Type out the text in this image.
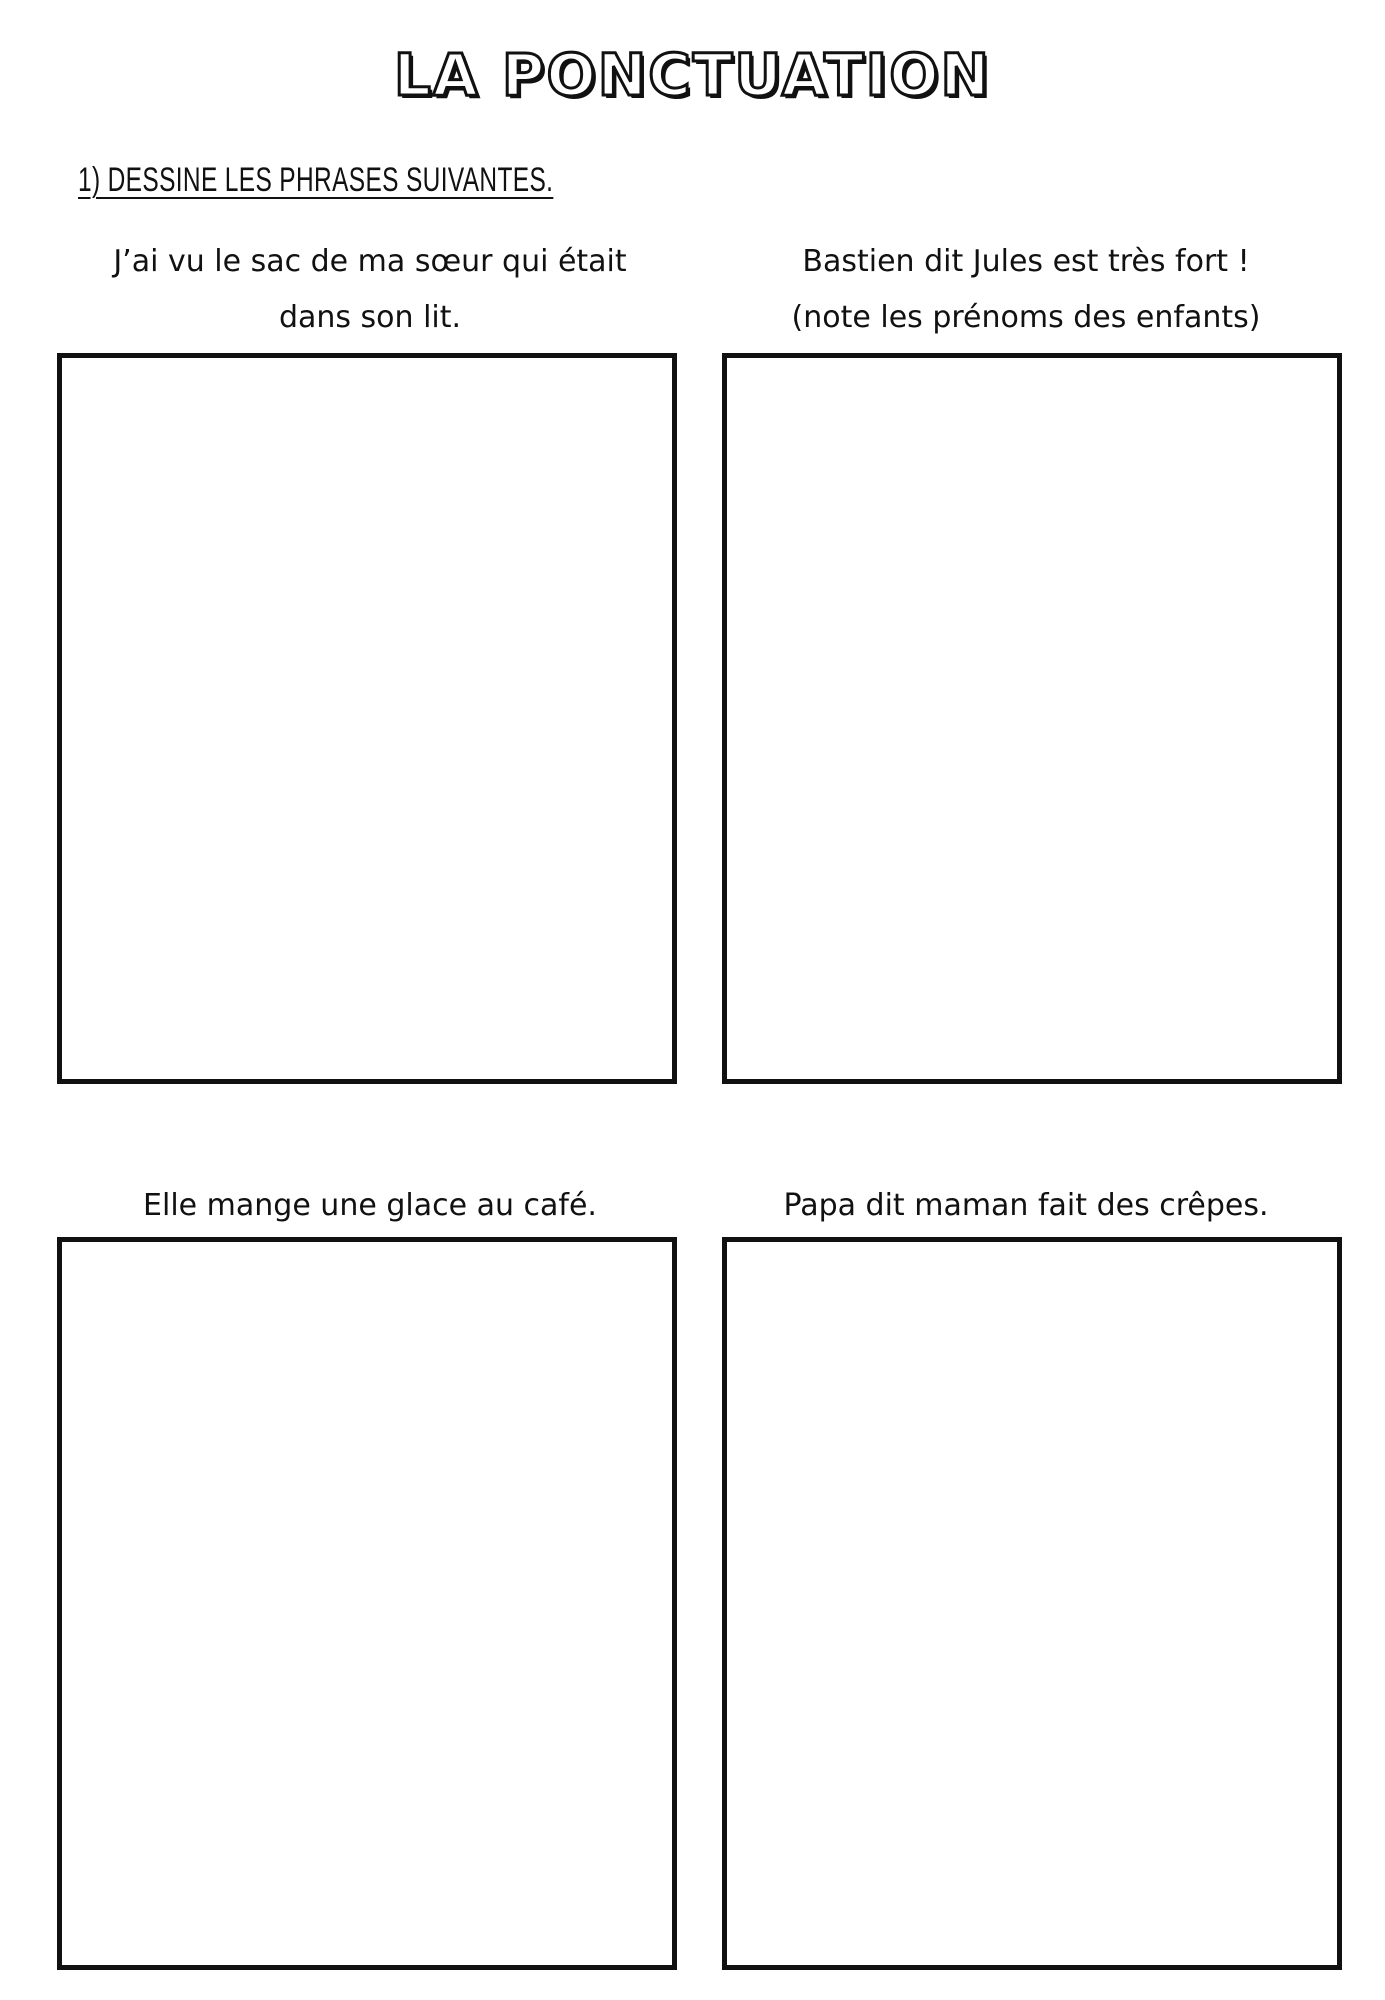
LA PONCTUATION
1) DESSINE LES PHRASES SUIVANTES.
J’ai vu le sac de ma sœur qui était
dans son lit.
Bastien dit Jules est très fort !
(note les prénoms des enfants)
Elle mange une glace au café.	Papa dit maman fait des crêpes.
